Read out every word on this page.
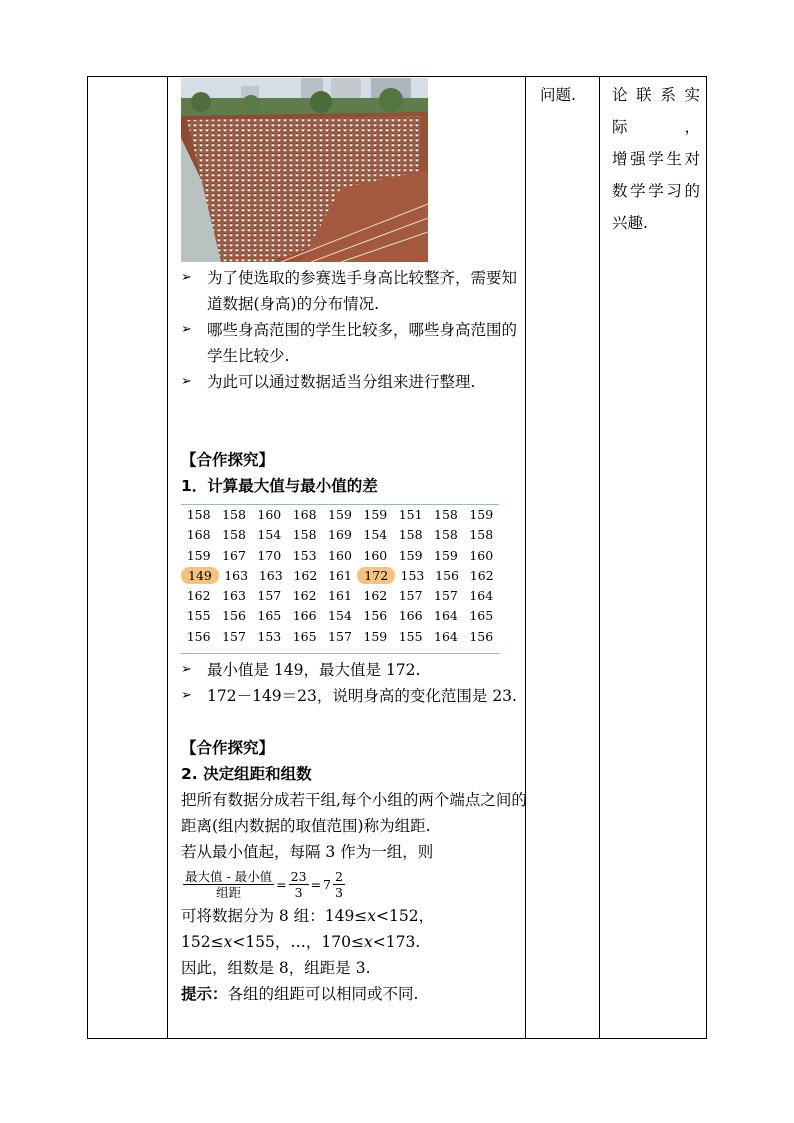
➢ 为了使选取的参赛选手身高比较整齐，需要知道数据(身高)的分布情况.
➢ 哪些身高范围的学生比较多，哪些身高范围的学生比较少.
➢ 为此可以通过数据适当分组来进行整理.
【合作探究】
1．计算最大值与最小值的差
158 158 160 168 159 159 151 158 159
168 158 154 158 169 154 158 158 158
159 167 170 153 160 160 159 159 160
149 163 163 162 161 172 153 156 162
162 163 157 162 161 162 157 157 164
155 156 165 166 154 156 166 164 165
156 157 153 165 157 159 155 164 156
➢ 最小值是 149，最大值是 172.
➢ 172－149＝23，说明身高的变化范围是 23.
【合作探究】
2. 决定组距和组数
把所有数据分成若干组,每个小组的两个端点之间的距离(组内数据的取值范围)称为组距.
若从最小值起，每隔 3 作为一组，则
$\frac{\text{最大值 - 最小值}}{\text{组距}} = \frac{23}{3} = 7 \frac{2}{3}$
可将数据分为 8 组：149≤x<152，152≤x<155，…，170≤x<173.
因此，组数是 8，组距是 3.
提示：各组的组距可以相同或不同.
问题.	论联系实际，
增强学生对
数学学习的
兴趣.
